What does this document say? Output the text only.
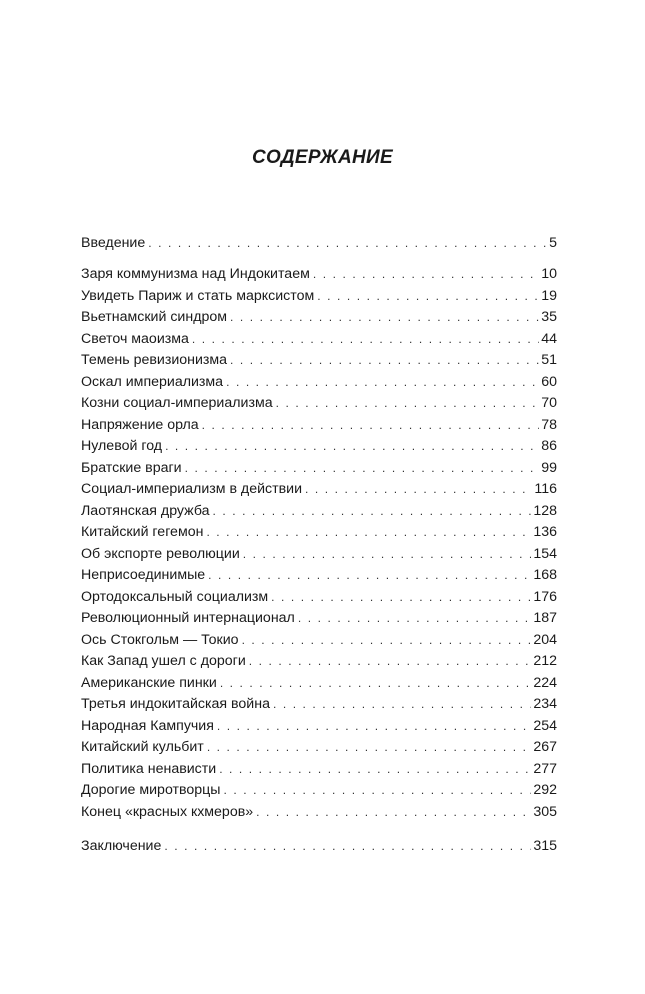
СОДЕРЖАНИЕ
Введение . . .	5
Заря коммунизма над Индокитаем . . .	10
Увидеть Париж и стать марксистом . . .	19
Вьетнамский синдром . . .	35
Светоч маоизма . . .	44
Темень ревизионизма . . .	51
Оскал империализма . . .	60
Козни социал-империализма . . .	70
Напряжение орла . . .	78
Нулевой год . . .	86
Братские враги . . .	99
Социал-империализм в действии . . .	116
Лаотянская дружба . . .	128
Китайский гегемон . . .	136
Об экспорте революции . . .	154
Неприсоединимые . . .	168
Ортодоксальный социализм . . .	176
Революционный интернационал . . .	187
Ось Стокгольм — Токио . . .	204
Как Запад ушел с дороги . . .	212
Американские пинки . . .	224
Третья индокитайская война . . .	234
Народная Кампучия . . .	254
Китайский кульбит . . .	267
Политика ненависти . . .	277
Дорогие миротворцы . . .	292
Конец «красных кхмеров» . . .	305
Заключение . . .	315
